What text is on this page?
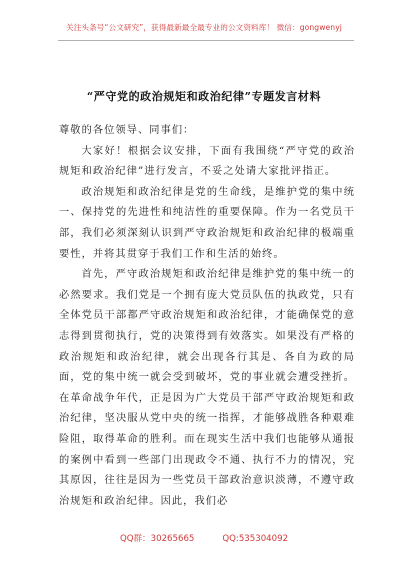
关注头条号“公文研究”，获得最新最全最专业的公文资料库！ 微信：gongwenyj
“严守党的政治规矩和政治纪律”专题发言材料

尊敬的各位领导、同事们：

大家好！根据会议安排，下面有我围绕“严守党的政治规矩和政治纪律”进行发言，不妥之处请大家批评指正。

政治规矩和政治纪律是党的生命线，是维护党的集中统一、保持党的先进性和纯洁性的重要保障。作为一名党员干部，我们必须深刻认识到严守政治规矩和政治纪律的极端重要性，并将其贯穿于我们工作和生活的始终。

首先，严守政治规矩和政治纪律是维护党的集中统一的必然要求。我们党是一个拥有庞大党员队伍的执政党，只有全体党员干部都严守政治规矩和政治纪律，才能确保党的意志得到贯彻执行，党的决策得到有效落实。如果没有严格的政治规矩和政治纪律，就会出现各行其是、各自为政的局面，党的集中统一就会受到破坏，党的事业就会遭受挫折。在革命战争年代，正是因为广大党员干部严守政治规矩和政治纪律，坚决服从党中央的统一指挥，才能够战胜各种艰难险阻，取得革命的胜利。而在现实生活中我们也能够从通报的案例中看到一些部门出现政令不通、执行不力的情况，究其原因，往往是因为一些党员干部政治意识淡薄，不遵守政治规矩和政治纪律。因此，我们必

QQ群：30265665	QQ:535304092
